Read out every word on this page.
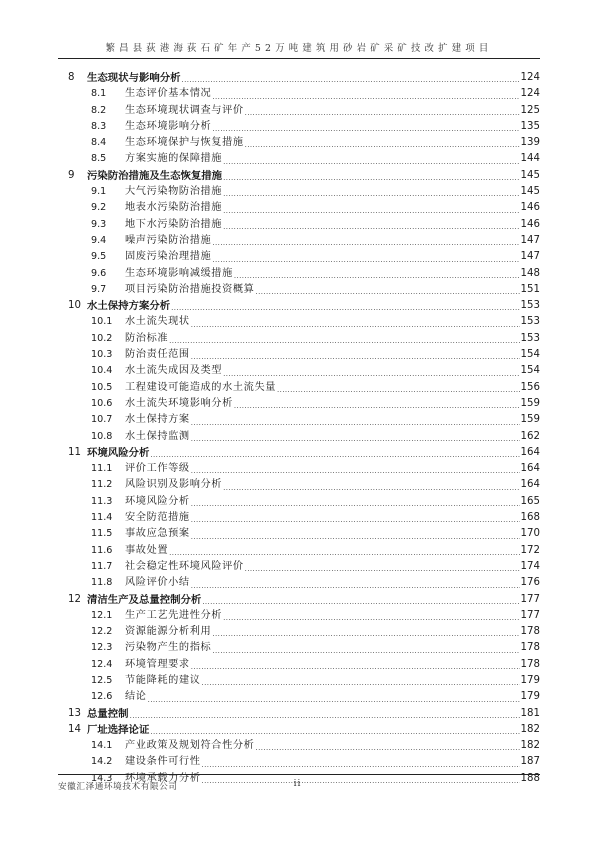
繁昌县荻港海荻石矿年产52万吨建筑用砂岩矿采矿技改扩建项目
8	生态现状与影响分析 .....	124
8.1	生态评价基本情况 .....	124
8.2	生态环境现状调查与评价 .....	125
8.3	生态环境影响分析 .....	135
8.4	生态环境保护与恢复措施 .....	139
8.5	方案实施的保障措施 .....	144
9	污染防治措施及生态恢复措施 .....	145
9.1	大气污染物防治措施 .....	145
9.2	地表水污染防治措施 .....	146
9.3	地下水污染防治措施 .....	146
9.4	噪声污染防治措施 .....	147
9.5	固废污染治理措施 .....	147
9.6	生态环境影响减缓措施 .....	148
9.7	项目污染防治措施投资概算 .....	151
10 水土保持方案分析 .....	153
10.1	水土流失现状 .....	153
10.2	防治标准 .....	153
10.3	防治责任范围 .....	154
10.4	水土流失成因及类型 .....	154
10.5	工程建设可能造成的水土流失量 .....	156
10.6	水土流失环境影响分析 .....	159
10.7	水土保持方案 .....	159
10.8	水土保持监测 .....	162
11 环境风险分析 .....	164
11.1	评价工作等级 .....	164
11.2	风险识别及影响分析 .....	164
11.3	环境风险分析 .....	165
11.4	安全防范措施 .....	168
11.5	事故应急预案 .....	170
11.6	事故处置 .....	172
11.7	社会稳定性环境风险评价 .....	174
11.8	风险评价小结 .....	176
12 清洁生产及总量控制分析 .....	177
12.1	生产工艺先进性分析 .....	177
12.2	资源能源分析利用 .....	178
12.3	污染物产生的指标 .....	178
12.4	环境管理要求 .....	178
12.5	节能降耗的建议 .....	179
12.6	结论 .....	179
13 总量控制 .....	181
14 厂址选择论证 .....	182
14.1	产业政策及规划符合性分析 .....	182
14.2	建设条件可行性 .....	187
14.3	环境承载力分析 .....	188
安徽汇泽通环境技术有限公司	ii
